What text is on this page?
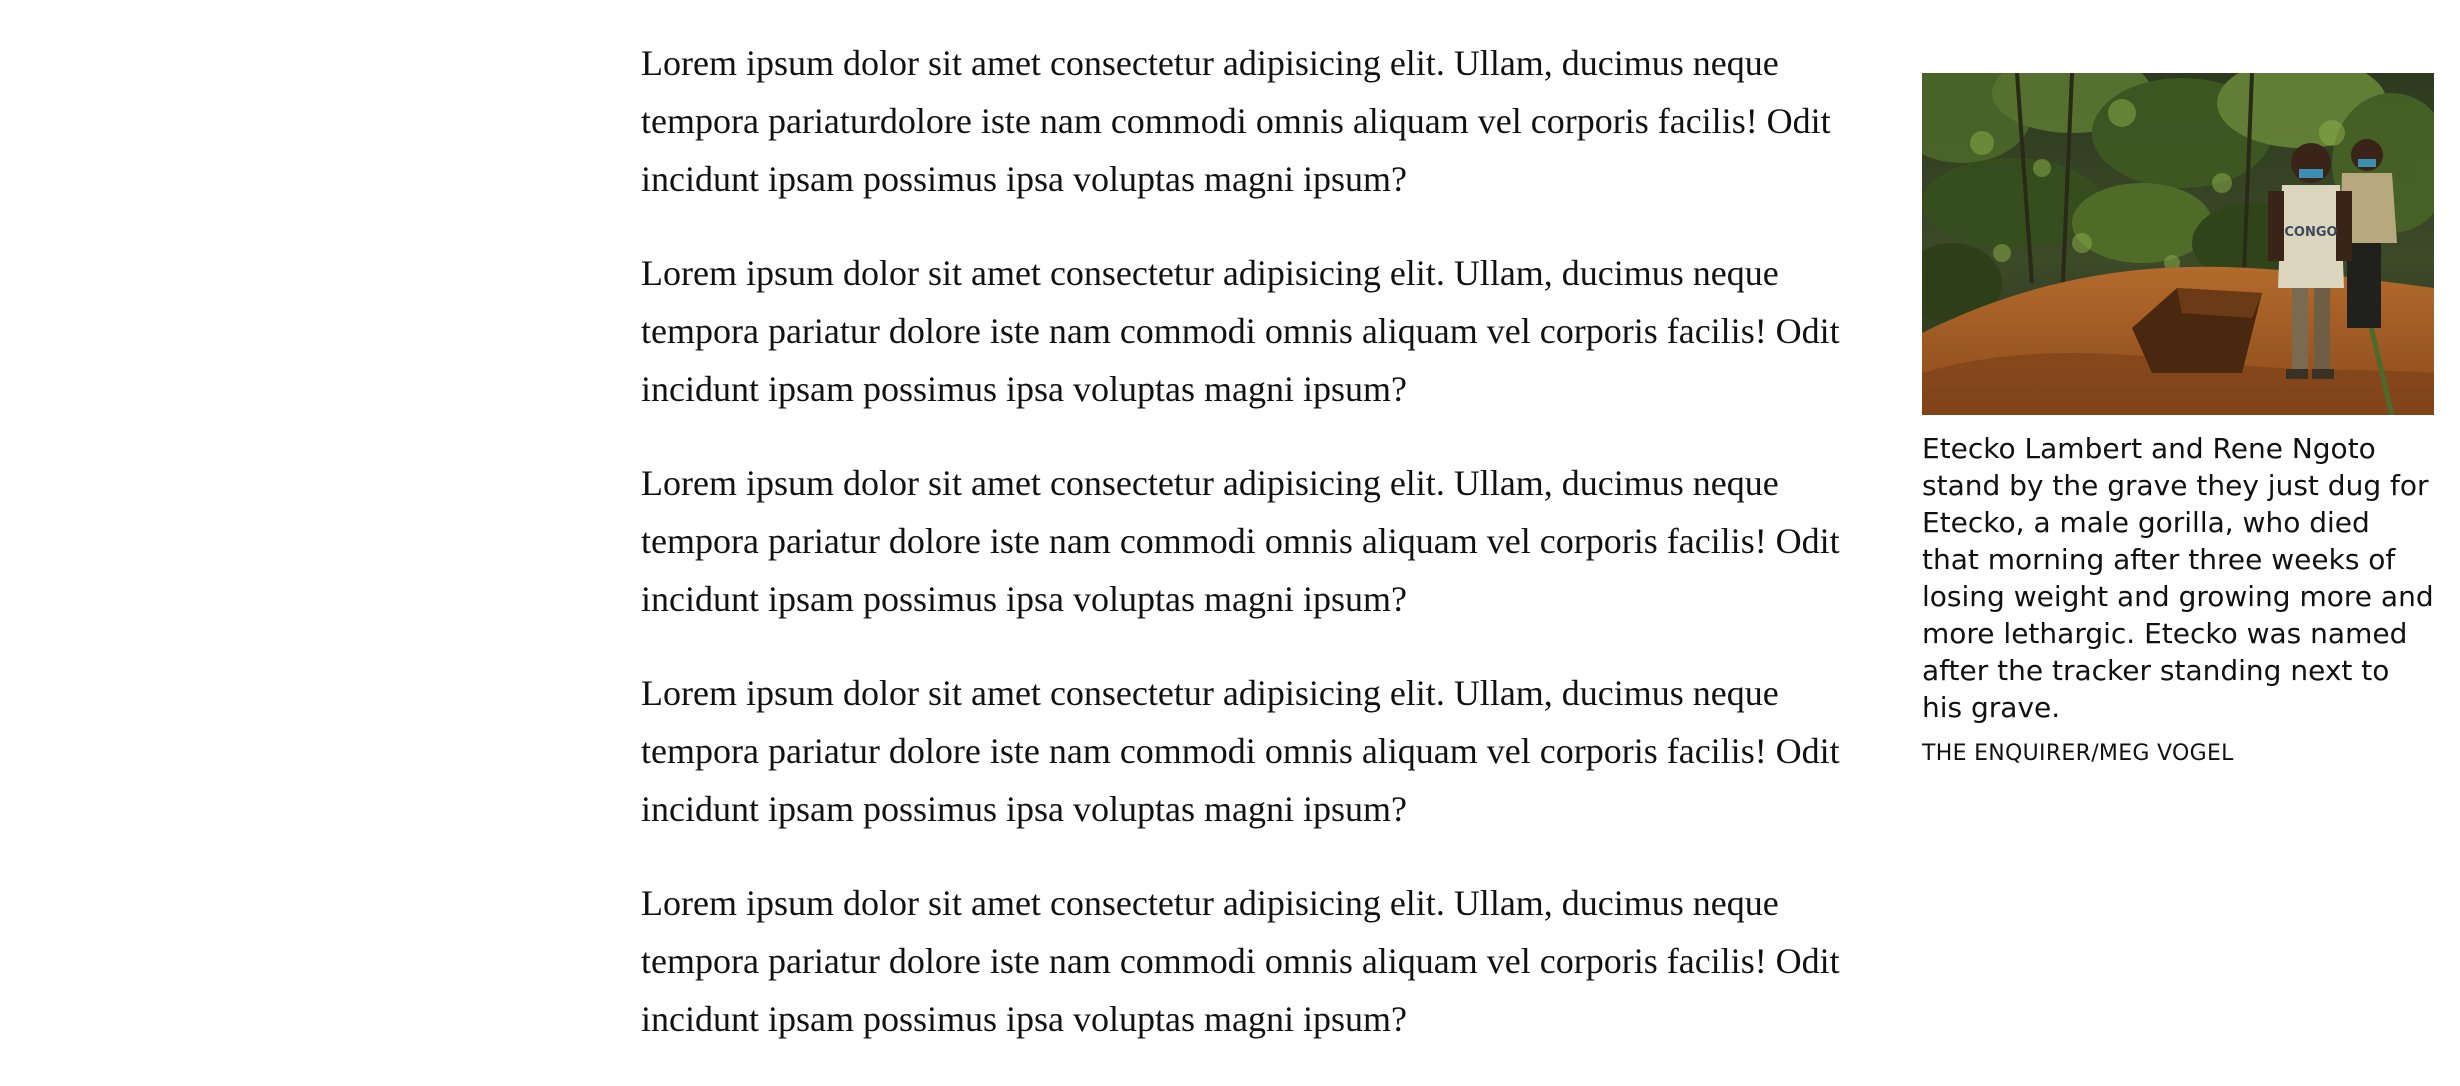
Lorem ipsum dolor sit amet consectetur adipisicing elit. Ullam, ducimus neque tempora pariaturdolore iste nam commodi omnis aliquam vel corporis facilis! Odit incidunt ipsam possimus ipsa voluptas magni ipsum?

Lorem ipsum dolor sit amet consectetur adipisicing elit. Ullam, ducimus neque tempora pariatur dolore iste nam commodi omnis aliquam vel corporis facilis! Odit incidunt ipsam possimus ipsa voluptas magni ipsum?

Lorem ipsum dolor sit amet consectetur adipisicing elit. Ullam, ducimus neque tempora pariatur dolore iste nam commodi omnis aliquam vel corporis facilis! Odit incidunt ipsam possimus ipsa voluptas magni ipsum?

Lorem ipsum dolor sit amet consectetur adipisicing elit. Ullam, ducimus neque tempora pariatur dolore iste nam commodi omnis aliquam vel corporis facilis! Odit incidunt ipsam possimus ipsa voluptas magni ipsum?

Lorem ipsum dolor sit amet consectetur adipisicing elit. Ullam, ducimus neque tempora pariatur dolore iste nam commodi omnis aliquam vel corporis facilis! Odit incidunt ipsam possimus ipsa voluptas magni ipsum?

CONGO
Etecko Lambert and Rene Ngoto stand by the grave they just dug for Etecko, a male gorilla, who died that morning after three weeks of losing weight and growing more and more lethargic. Etecko was named after the tracker standing next to his grave.
THE ENQUIRER/MEG VOGEL
